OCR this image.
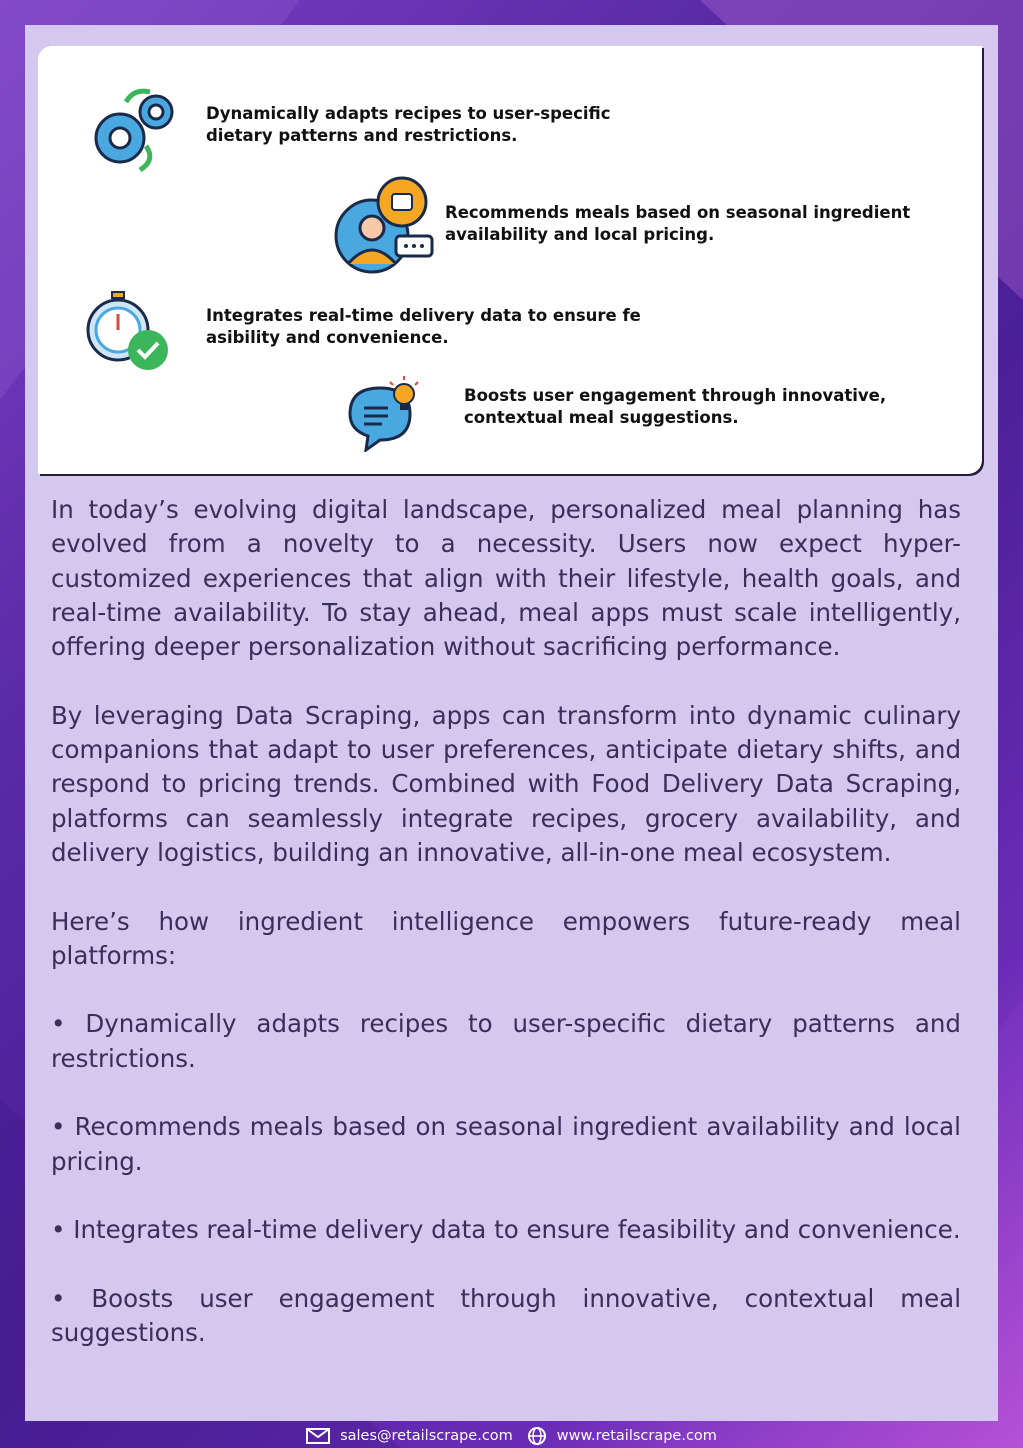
Dynamically adapts recipes to user-specific dietary patterns and restrictions.
Recommends meals based on seasonal ingredient availability and local pricing.
Integrates real-time delivery data to ensure fe asibility and convenience.
Boosts user engagement through innovative, contextual meal suggestions.

In today’s evolving digital landscape, personalized meal planning has evolved from a novelty to a necessity. Users now expect hyper-customized experiences that align with their lifestyle, health goals, and real-time availability. To stay ahead, meal apps must scale intelligently, offering deeper personalization without sacrificing performance.

By leveraging Data Scraping, apps can transform into dynamic culinary companions that adapt to user preferences, anticipate dietary shifts, and respond to pricing trends. Combined with Food Delivery Data Scraping, platforms can seamlessly integrate recipes, grocery availability, and delivery logistics, building an innovative, all-in-one meal ecosystem.

Here’s how ingredient intelligence empowers future-ready meal platforms:

• Dynamically adapts recipes to user-specific dietary patterns and restrictions.

• Recommends meals based on seasonal ingredient availability and local pricing.

• Integrates real-time delivery data to ensure feasibility and convenience.

• Boosts user engagement through innovative, contextual meal suggestions.

sales@retailscrape.com	www.retailscrape.com
